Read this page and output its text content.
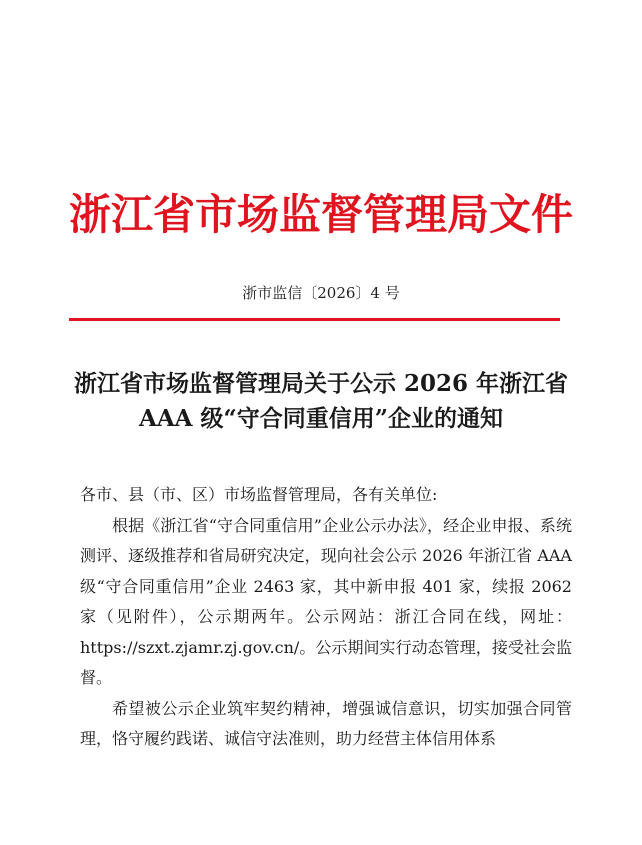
浙江省市场监督管理局文件
浙市监信〔2026〕4 号
浙江省市场监督管理局关于公示 2026 年浙江省
AAA 级“守合同重信用”企业的通知

各市、县（市、区）市场监督管理局，各有关单位:

根据《浙江省“守合同重信用”企业公示办法》，经企业申报、系统测评、逐级推荐和省局研究决定，现向社会公示 2026 年浙江省 AAA 级“守合同重信用”企业 2463 家，其中新申报 401 家，续报 2062 家（见附件），公示期两年。公示网站：浙江合同在线，网址：https://szxt.zjamr.zj.gov.cn/。公示期间实行动态管理，接受社会监督。

希望被公示企业筑牢契约精神，增强诚信意识，切实加强合同管理，恪守履约践诺、诚信守法准则，助力经营主体信用体系
